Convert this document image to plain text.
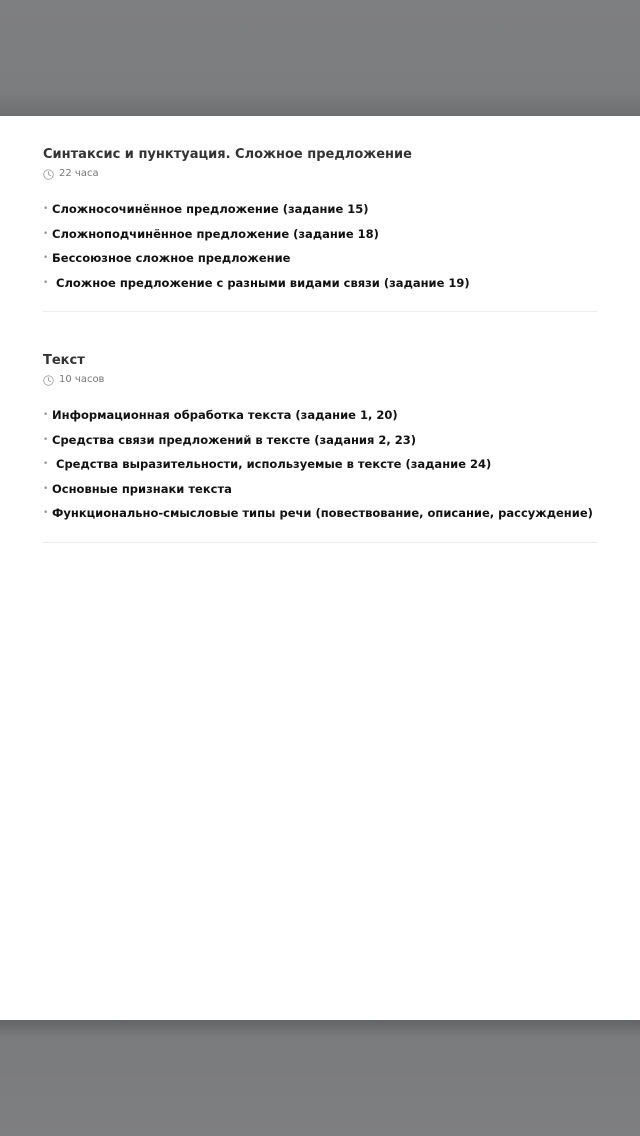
Синтаксис и пунктуация. Сложное предложение
22 часа
• Сложносочинённое предложение (задание 15)
• Сложноподчинённое предложение (задание 18)
• Бессоюзное сложное предложение
• Сложное предложение с разными видами связи (задание 19)
Текст
10 часов
• Информационная обработка текста (задание 1, 20)
• Средства связи предложений в тексте (задания 2, 23)
• Средства выразительности, используемые в тексте (задание 24)
• Основные признаки текста
• Функционально-смысловые типы речи (повествование, описание, рассуждение)
